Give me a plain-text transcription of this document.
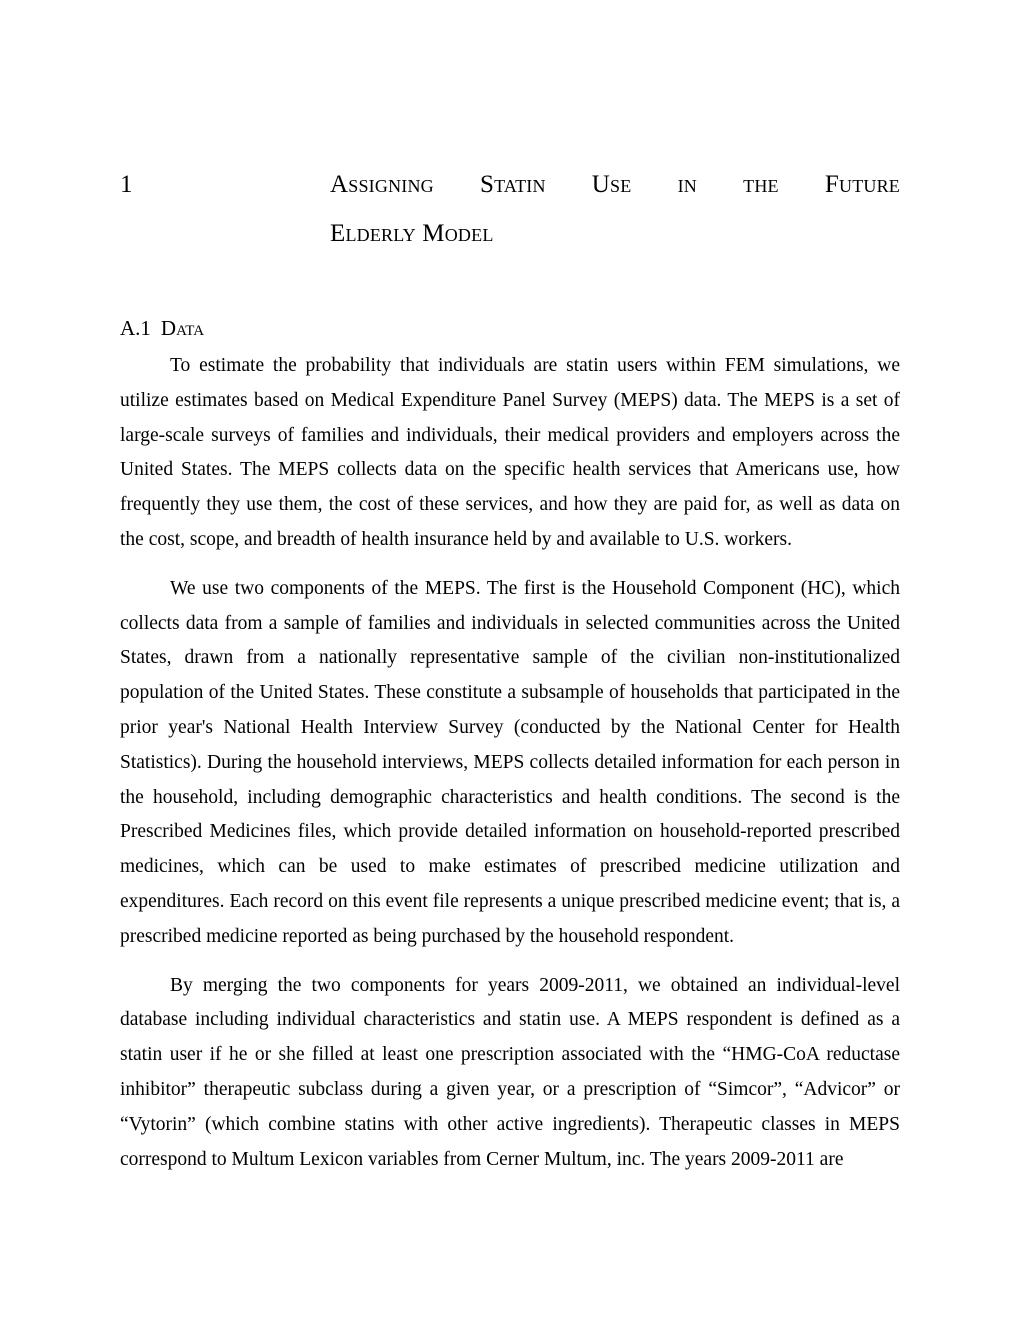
1	Assigning Statin Use in the Future
Elderly Model
A.1 Data

To estimate the probability that individuals are statin users within FEM simulations, we utilize estimates based on Medical Expenditure Panel Survey (MEPS) data. The MEPS is a set of large-scale surveys of families and individuals, their medical providers and employers across the United States. The MEPS collects data on the specific health services that Americans use, how frequently they use them, the cost of these services, and how they are paid for, as well as data on the cost, scope, and breadth of health insurance held by and available to U.S. workers.

We use two components of the MEPS. The first is the Household Component (HC), which collects data from a sample of families and individuals in selected communities across the United States, drawn from a nationally representative sample of the civilian non-institutionalized population of the United States. These constitute a subsample of households that participated in the prior year's National Health Interview Survey (conducted by the National Center for Health Statistics). During the household interviews, MEPS collects detailed information for each person in the household, including demographic characteristics and health conditions. The second is the Prescribed Medicines files, which provide detailed information on household-reported prescribed medicines, which can be used to make estimates of prescribed medicine utilization and expenditures. Each record on this event file represents a unique prescribed medicine event; that is, a prescribed medicine reported as being purchased by the household respondent.

By merging the two components for years 2009-2011, we obtained an individual-level database including individual characteristics and statin use. A MEPS respondent is defined as a statin user if he or she filled at least one prescription associated with the “HMG-CoA reductase inhibitor” therapeutic subclass during a given year, or a prescription of “Simcor”, “Advicor” or “Vytorin” (which combine statins with other active ingredients). Therapeutic classes in MEPS correspond to Multum Lexicon variables from Cerner Multum, inc. The years 2009-2011 are
